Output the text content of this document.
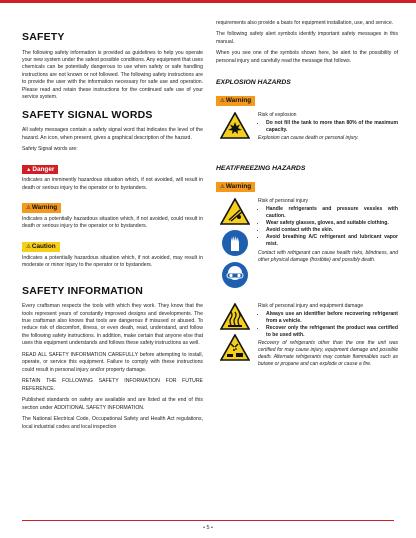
SAFETY

The following safety information is provided as guidelines to help you operate your new system under the safest possible conditions. Any equipment that uses chemicals can be potentially dangerous to use when safety or safe handling instructions are not known or not followed. The following safety instructions are to provide the user with the information necessary for safe use and operation. Please read and retain these instructions for the continued safe use of your service system.

SAFETY SIGNAL WORDS

All safety messages contain a safety signal word that indicates the level of the hazard. An icon, when present, gives a graphical description of the hazard.

Safety Signal words are:

▲Danger

Indicates an imminently hazardous situation which, if not avoided, will result in death or serious injury to the operator or to bystanders.

⚠Warning

Indicates a potentially hazardous situation which, if not avoided, could result in death or serious injury to the operator or to bystanders.

⚠Caution

Indicates a potentially hazardous situation which, if not avoided, may result in moderate or minor injury to the operator or to bystanders.

SAFETY INFORMATION

Every craftsman respects the tools with which they work. They know that the tools represent years of constantly improved designs and developments. The true craftsman also knows that tools are dangerous if misused or abused. To reduce risk of discomfort, illness, or even death, read, understand, and follow the following safety instructions. In addition, make certain that anyone else that uses this equipment understands and follows these safety instructions as well.

READ ALL SAFETY INFORMATION CAREFULLY before attempting to install, operate, or service this equipment. Failure to comply with these instructions could result in personal injury and/or property damage.

RETAIN THE FOLLOWING SAFETY INFORMATION FOR FUTURE REFERENCE.

Published standards on safety are available and are listed at the end of this section under ADDITIONAL SAFETY INFORMATION.

The National Electrical Code, Occupational Safety and Health Act regulations, local industrial codes and local inspection

requirements also provide a basis for equipment installation, use, and service.

The following safety alert symbols identify important safety messages in this manual.

When you see one of the symbols shown here, be alert to the possibility of personal injury and carefully read the message that follows.

EXPLOSION HAZARDS
⚠Warning

Risk of explosion

• Do not fill the tank to more than 80% of the maximum capacity.

Explosion can cause death or personal injury.

HEAT/FREEZING HAZARDS
⚠Warning

Risk of personal injury

• Handle refrigerants and pressure vessles with caution.
• Wear safety glasses, gloves, and suitable clothing.
• Avoid contact with the skin.
• Avoid breathing A/C refrigerant and lubricant vapor mist.

Contact with refrigerant can cause health risks, blindness, and other physical damage (frostbite) and possibly death.

Risk of personal injury and equipment damage

• Always use an identifier before recovering refrigerant from a vehicle.
• Recover only the refrigerant the product was certified to be used with.

Recovery of refrigerants other than the one the unit was certified for may cause injury, equipment damage and possible death. Alternate refrigerants may contain flammables such as butane or propane and can explode or cause a fire.

• 5 •
